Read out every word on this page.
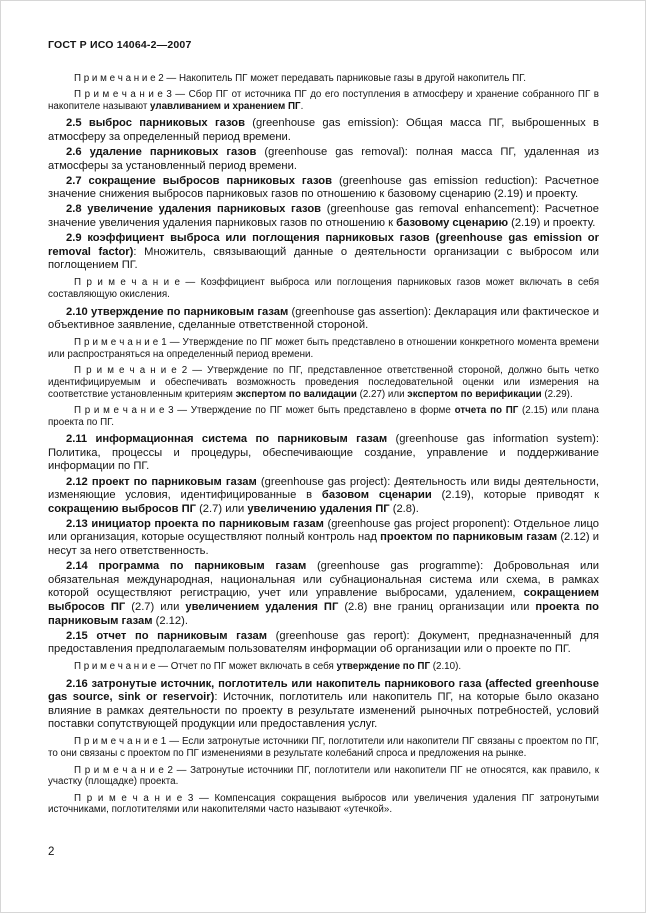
ГОСТ Р ИСО 14064-2—2007

П р и м е ч а н и е 2 — Накопитель ПГ может передавать парниковые газы в другой накопитель ПГ.

П р и м е ч а н и е 3 — Сбор ПГ от источника ПГ до его поступления в атмосферу и хранение собранного ПГ в накопителе называют улавливанием и хранением ПГ.

2.5 выброс парниковых газов (greenhouse gas emission): Общая масса ПГ, выброшенных в атмосферу за определенный период времени.

2.6 удаление парниковых газов (greenhouse gas removal): полная масса ПГ, удаленная из атмосферы за установленный период времени.

2.7 сокращение выбросов парниковых газов (greenhouse gas emission reduction): Расчетное значение снижения выбросов парниковых газов по отношению к базовому сценарию (2.19) и проекту.

2.8 увеличение удаления парниковых газов (greenhouse gas removal enhancement): Расчетное значение увеличения удаления парниковых газов по отношению к базовому сценарию (2.19) и проекту.

2.9 коэффициент выброса или поглощения парниковых газов (greenhouse gas emission or removal factor): Множитель, связывающий данные о деятельности организации с выбросом или поглощением ПГ.

П р и м е ч а н и е — Коэффициент выброса или поглощения парниковых газов может включать в себя составляющую окисления.

2.10 утверждение по парниковым газам (greenhouse gas assertion): Декларация или фактическое и объективное заявление, сделанные ответственной стороной.

П р и м е ч а н и е 1 — Утверждение по ПГ может быть представлено в отношении конкретного момента времени или распространяться на определенный период времени.

П р и м е ч а н и е 2 — Утверждение по ПГ, представленное ответственной стороной, должно быть четко идентифицируемым и обеспечивать возможность проведения последовательной оценки или измерения на соответствие установленным критериям экспертом по валидации (2.27) или экспертом по верификации (2.29).

П р и м е ч а н и е 3 — Утверждение по ПГ может быть представлено в форме отчета по ПГ (2.15) или плана проекта по ПГ.

2.11 информационная система по парниковым газам (greenhouse gas information system): Политика, процессы и процедуры, обеспечивающие создание, управление и поддерживание информации по ПГ.

2.12 проект по парниковым газам (greenhouse gas project): Деятельность или виды деятельности, изменяющие условия, идентифицированные в базовом сценарии (2.19), которые приводят к сокращению выбросов ПГ (2.7) или увеличению удаления ПГ (2.8).

2.13 инициатор проекта по парниковым газам (greenhouse gas project proponent): Отдельное лицо или организация, которые осуществляют полный контроль над проектом по парниковым газам (2.12) и несут за него ответственность.

2.14 программа по парниковым газам (greenhouse gas programme): Добровольная или обязательная международная, национальная или субнациональная система или схема, в рамках которой осуществляют регистрацию, учет или управление выбросами, удалением, сокращением выбросов ПГ (2.7) или увеличением удаления ПГ (2.8) вне границ организации или проекта по парниковым газам (2.12).

2.15 отчет по парниковым газам (greenhouse gas report): Документ, предназначенный для предоставления предполагаемым пользователям информации об организации или о проекте по ПГ.

П р и м е ч а н и е — Отчет по ПГ может включать в себя утверждение по ПГ (2.10).

2.16 затронутые источник, поглотитель или накопитель парникового газа (affected greenhouse gas source, sink or reservoir): Источник, поглотитель или накопитель ПГ, на которые было оказано влияние в рамках деятельности по проекту в результате изменений рыночных потребностей, условий поставки сопутствующей продукции или предоставления услуг.

П р и м е ч а н и е 1 — Если затронутые источники ПГ, поглотители или накопители ПГ связаны с проектом по ПГ, то они связаны с проектом по ПГ изменениями в результате колебаний спроса и предложения на рынке.

П р и м е ч а н и е 2 — Затронутые источники ПГ, поглотители или накопители ПГ не относятся, как правило, к участку (площадке) проекта.

П р и м е ч а н и е 3 — Компенсация сокращения выбросов или увеличения удаления ПГ затронутыми источниками, поглотителями или накопителями часто называют «утечкой».

2
